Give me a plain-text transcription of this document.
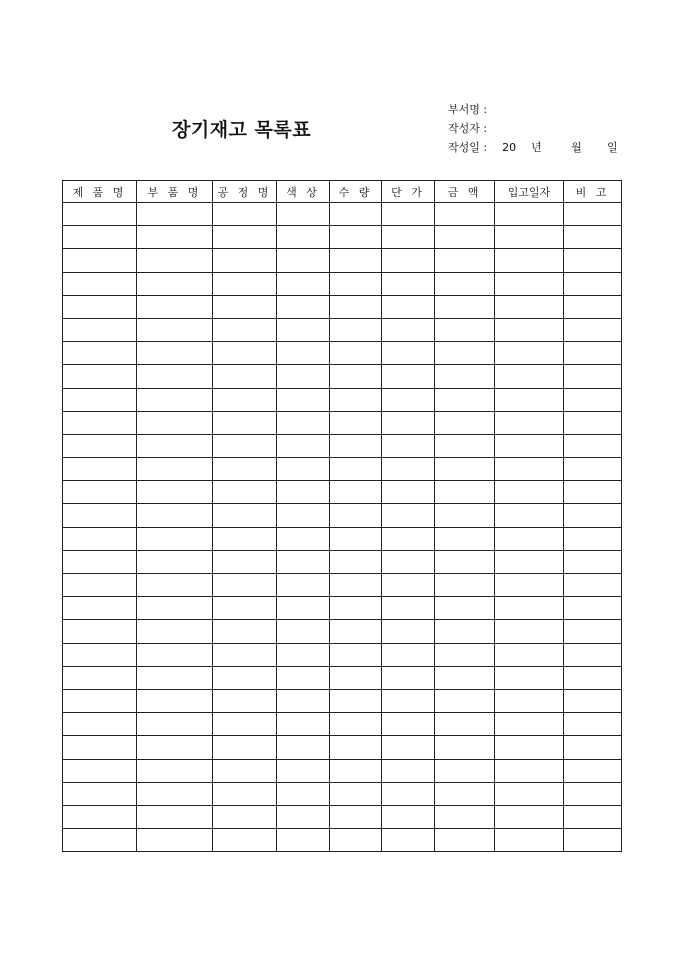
장기재고 목록표
부서명 :
작성자 :
작성일 : 20 년	월 일
제 품 명	부 품 명	공 정 명	색 상	수 량	단 가	금 액	입고일자	비 고
